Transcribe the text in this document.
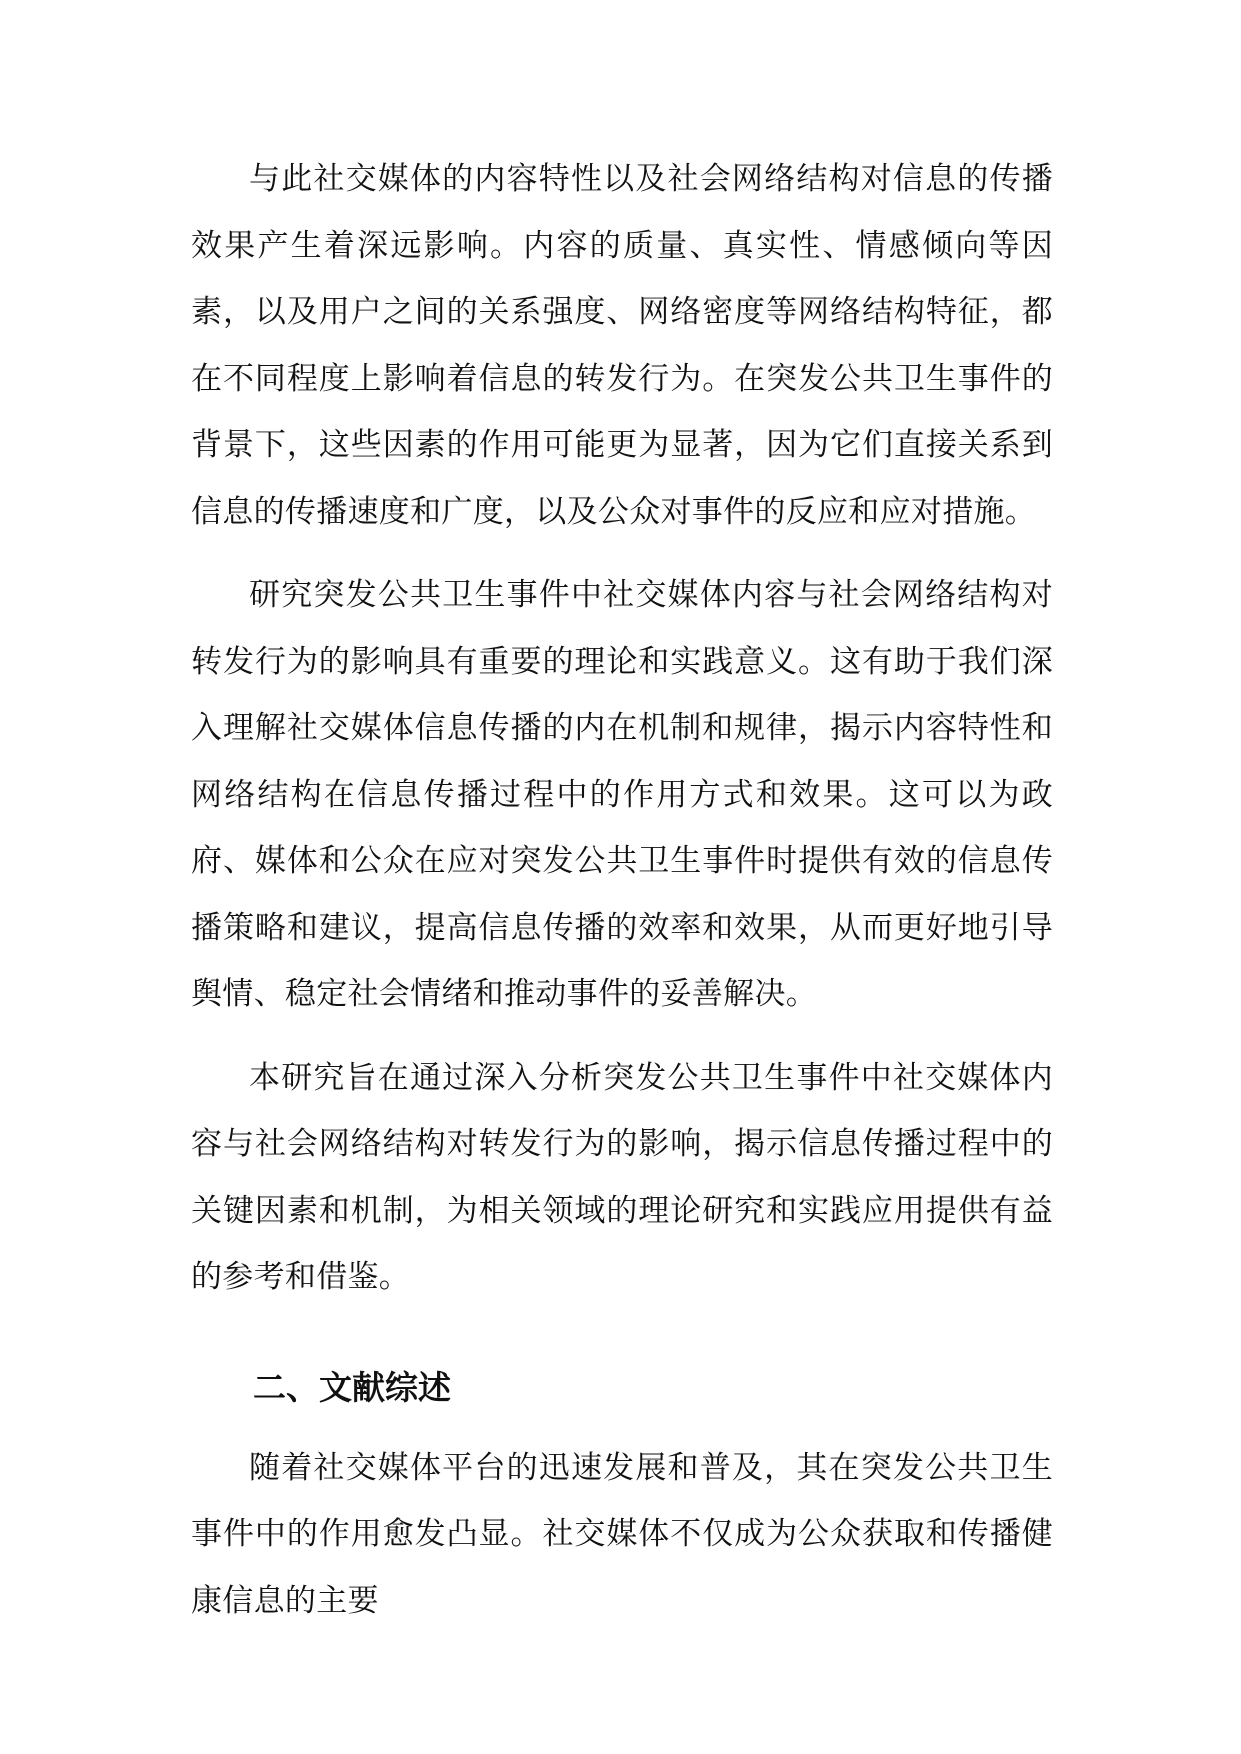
与此社交媒体的内容特性以及社会网络结构对信息的传播效果产生着深远影响。内容的质量、真实性、情感倾向等因素，以及用户之间的关系强度、网络密度等网络结构特征，都在不同程度上影响着信息的转发行为。在突发公共卫生事件的背景下，这些因素的作用可能更为显著，因为它们直接关系到信息的传播速度和广度，以及公众对事件的反应和应对措施。

研究突发公共卫生事件中社交媒体内容与社会网络结构对转发行为的影响具有重要的理论和实践意义。这有助于我们深入理解社交媒体信息传播的内在机制和规律，揭示内容特性和网络结构在信息传播过程中的作用方式和效果。这可以为政府、媒体和公众在应对突发公共卫生事件时提供有效的信息传播策略和建议，提高信息传播的效率和效果，从而更好地引导舆情、稳定社会情绪和推动事件的妥善解决。

本研究旨在通过深入分析突发公共卫生事件中社交媒体内容与社会网络结构对转发行为的影响，揭示信息传播过程中的关键因素和机制，为相关领域的理论研究和实践应用提供有益的参考和借鉴。

二、文献综述

随着社交媒体平台的迅速发展和普及，其在突发公共卫生事件中的作用愈发凸显。社交媒体不仅成为公众获取和传播健康信息的主要
